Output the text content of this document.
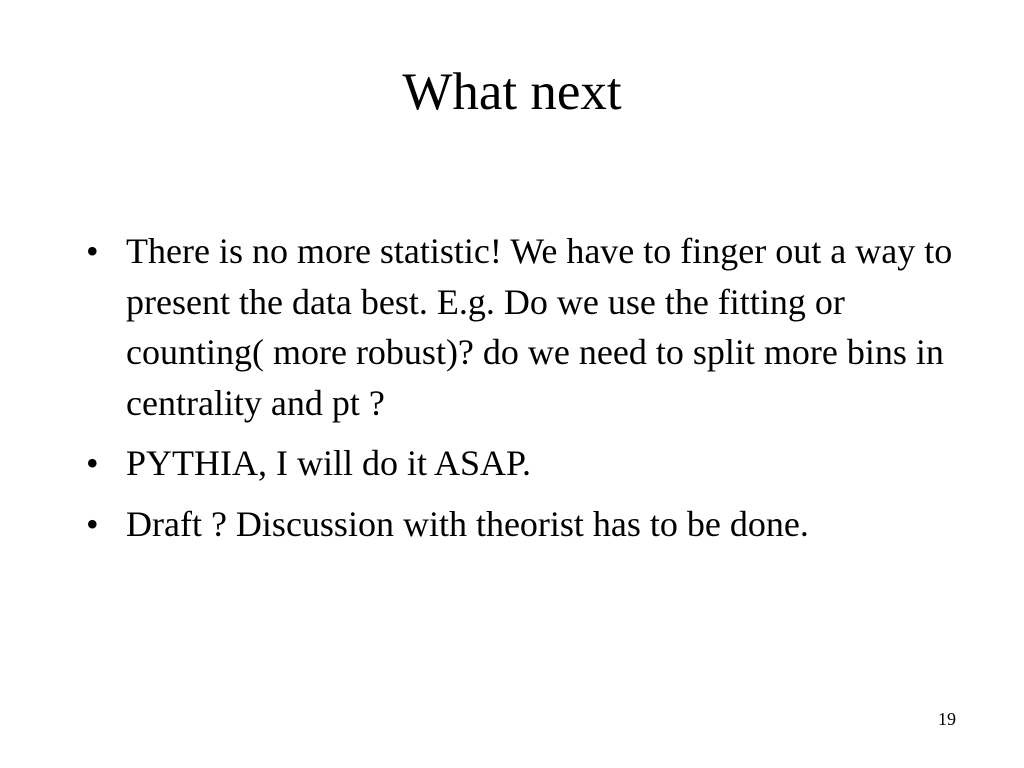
What next
• There is no more statistic! We have to finger out a way to present the data best. E.g. Do we use the fitting or counting( more robust)? do we need to split more bins in centrality and pt ?
• PYTHIA, I will do it ASAP.
• Draft ? Discussion with theorist has to be done.
19
